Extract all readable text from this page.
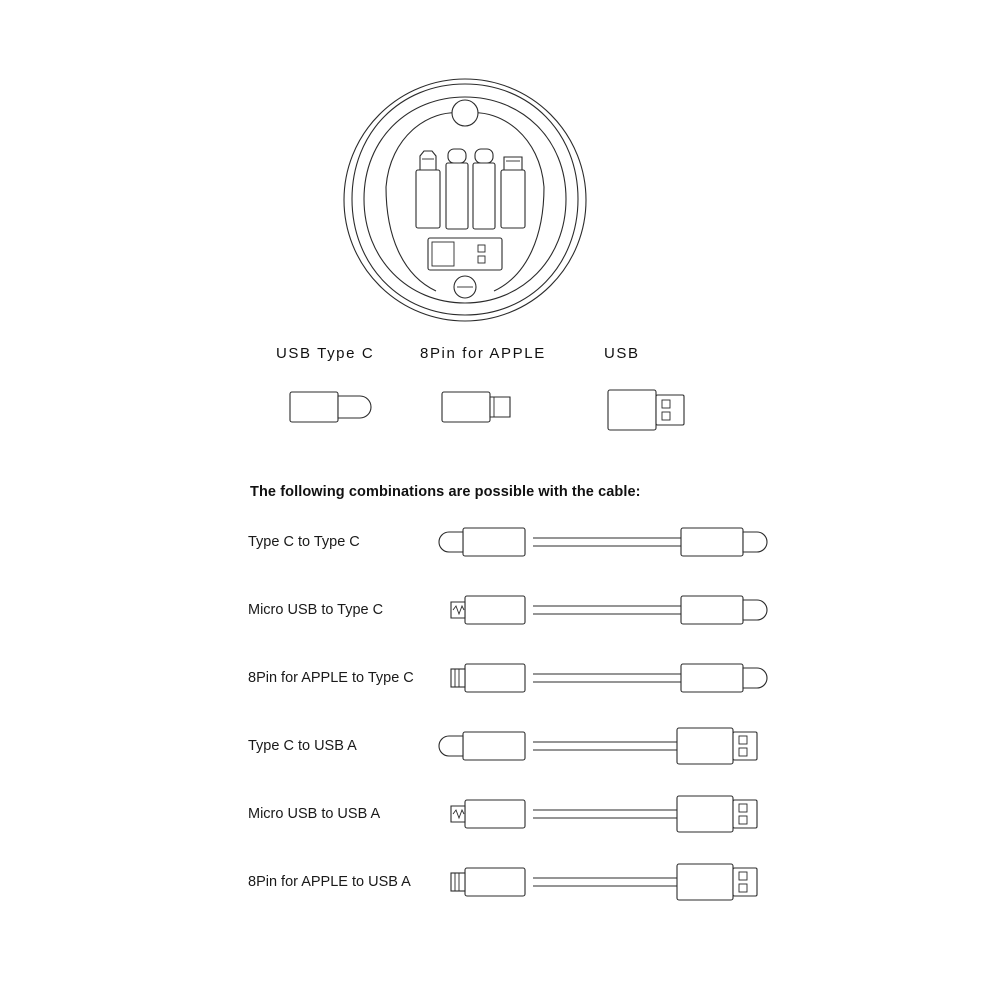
USB Type C	8Pin for APPLE	USB
The following combinations are possible with the cable:
Type C to Type C
Micro USB to Type C
8Pin for APPLE to Type C
Type C to USB A
Micro USB to USB A
8Pin for APPLE to USB A
